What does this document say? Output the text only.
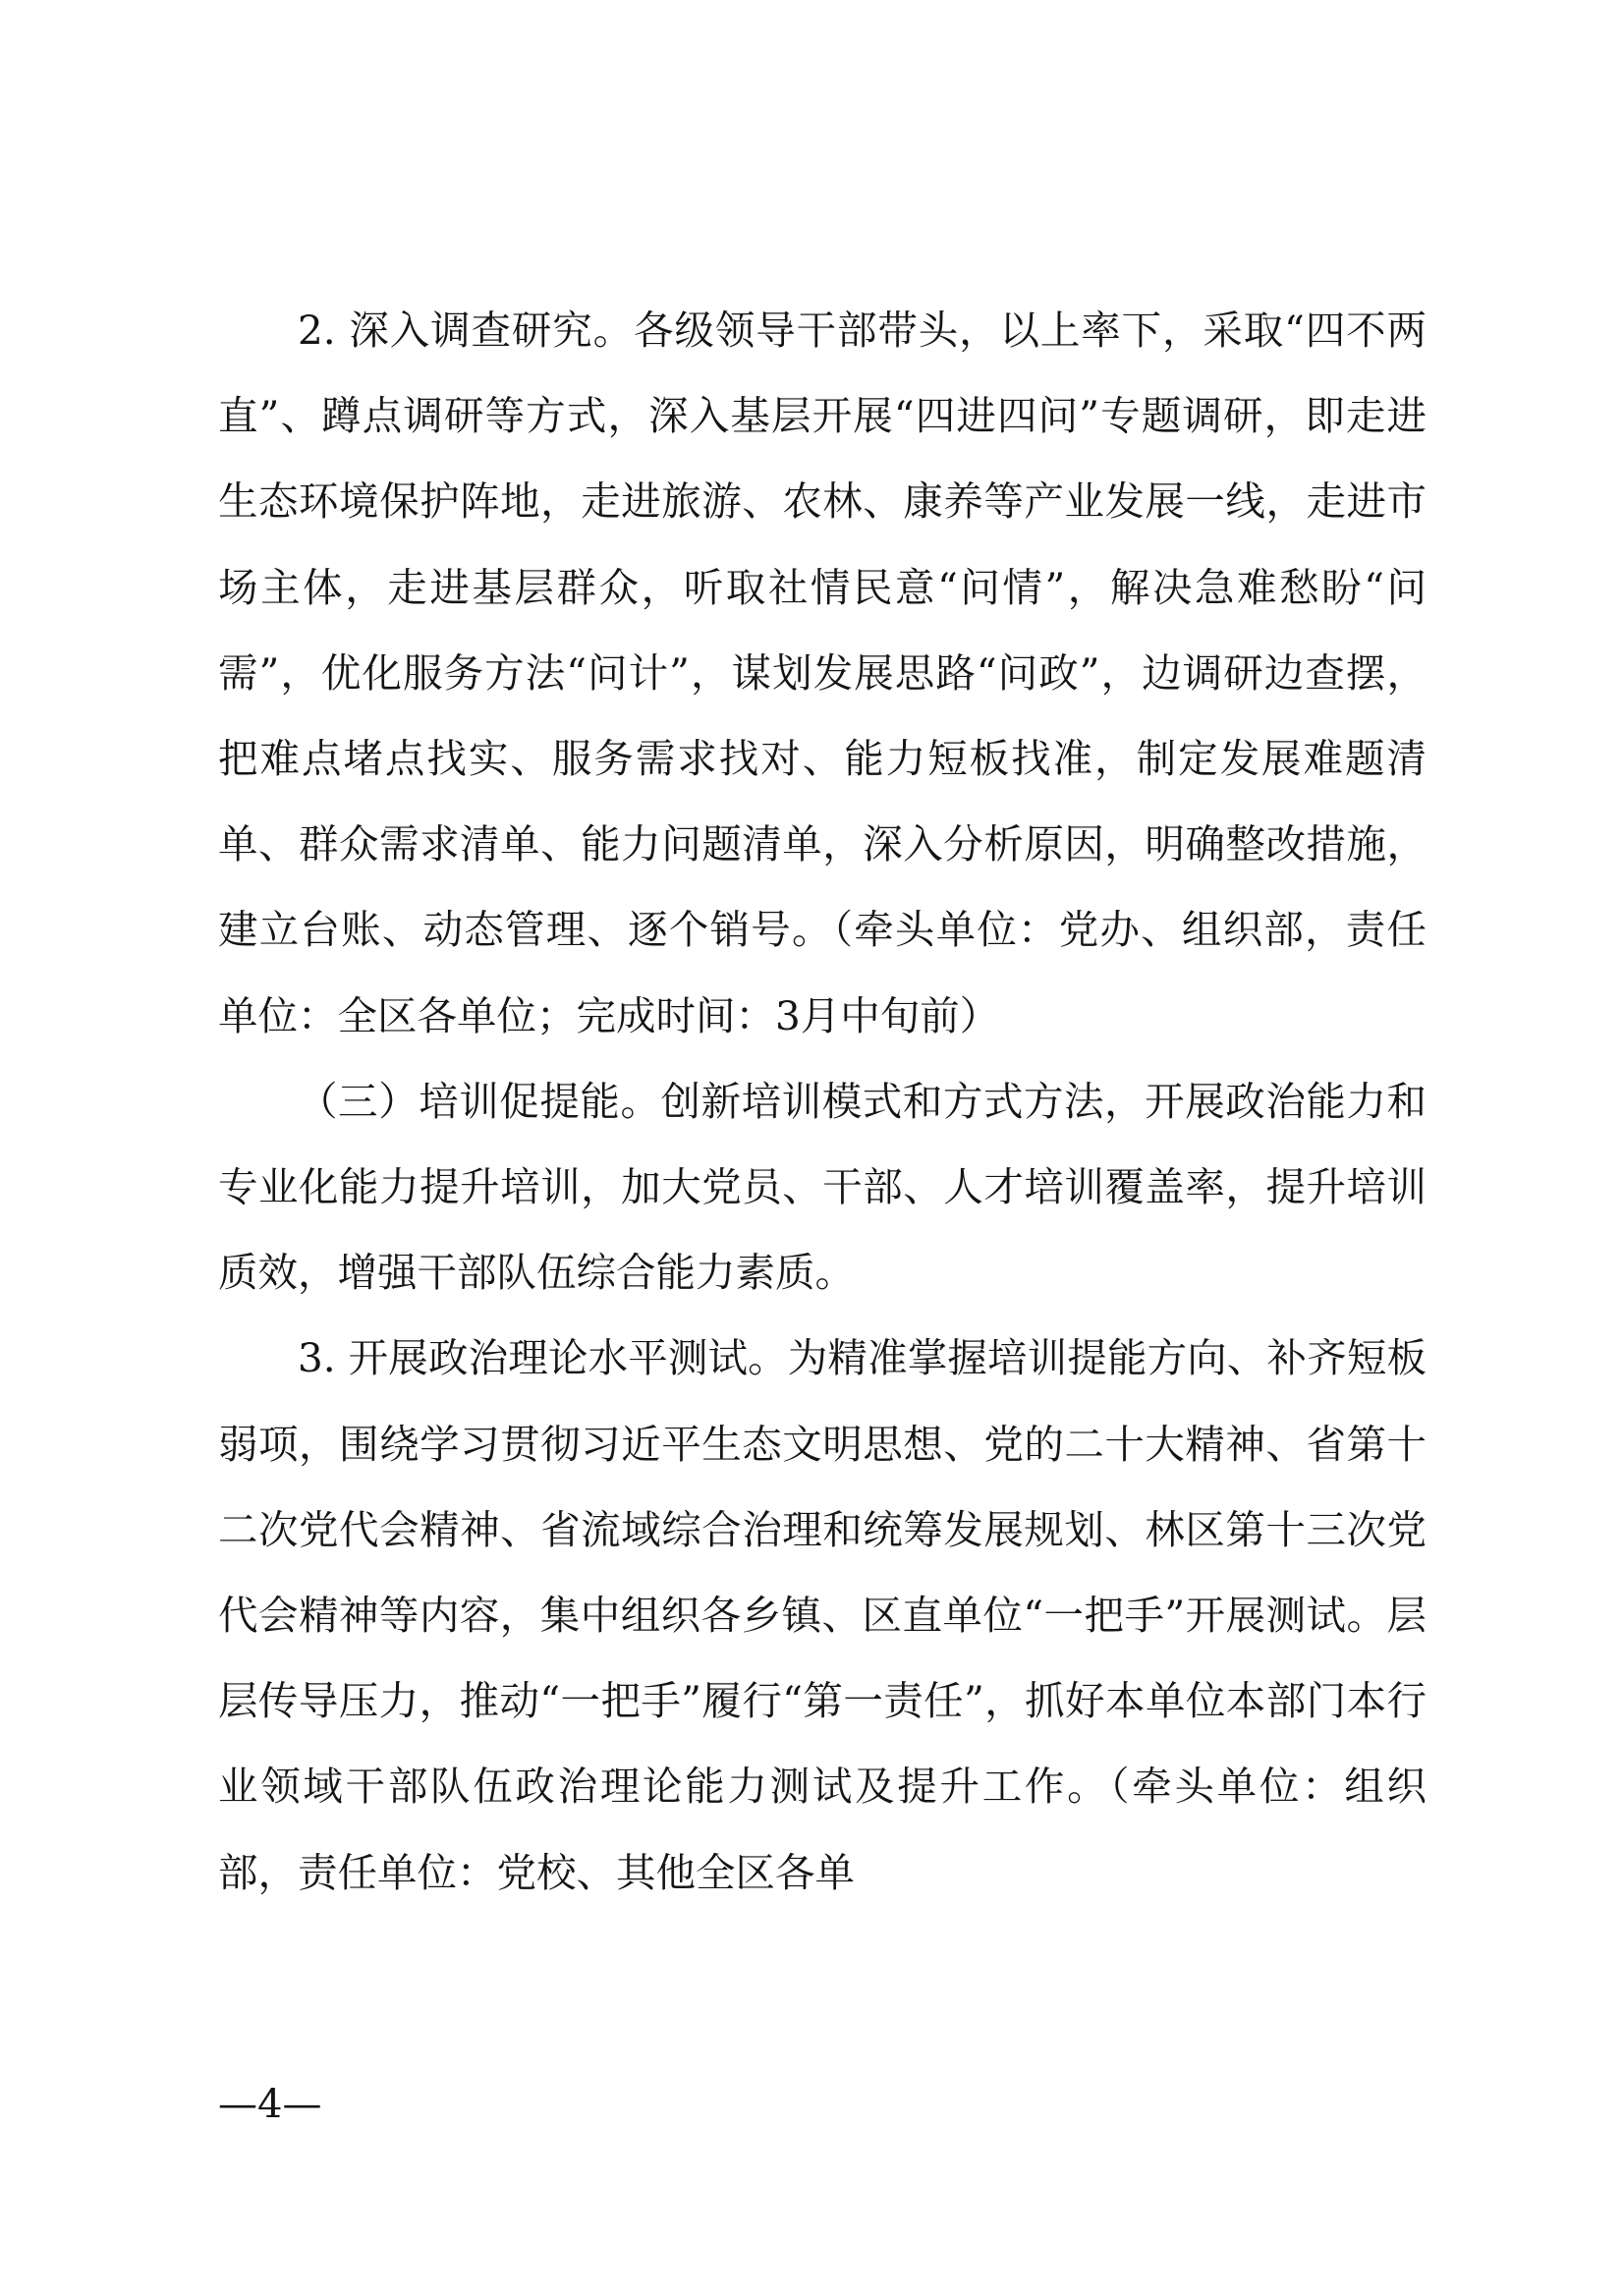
2. 深入调查研究。各级领导干部带头，以上率下，采取“四不两直”、蹲点调研等方式，深入基层开展“四进四问”专题调研，即走进生态环境保护阵地，走进旅游、农林、康养等产业发展一线，走进市场主体，走进基层群众，听取社情民意“问情”，解决急难愁盼“问需”，优化服务方法“问计”，谋划发展思路“问政”，边调研边查摆，把难点堵点找实、服务需求找对、能力短板找准，制定发展难题清单、群众需求清单、能力问题清单，深入分析原因，明确整改措施，建立台账、动态管理、逐个销号。（牵头单位：党办、组织部，责任单位：全区各单位；完成时间：3月中旬前）

（三）培训促提能。创新培训模式和方式方法，开展政治能力和专业化能力提升培训，加大党员、干部、人才培训覆盖率，提升培训质效，增强干部队伍综合能力素质。

3. 开展政治理论水平测试。为精准掌握培训提能方向、补齐短板弱项，围绕学习贯彻习近平生态文明思想、党的二十大精神、省第十二次党代会精神、省流域综合治理和统筹发展规划、林区第十三次党代会精神等内容，集中组织各乡镇、区直单位“一把手”开展测试。层层传导压力，推动“一把手”履行“第一责任”，抓好本单位本部门本行业领域干部队伍政治理论能力测试及提升工作。（牵头单位：组织部，责任单位：党校、其他全区各单

—4—
